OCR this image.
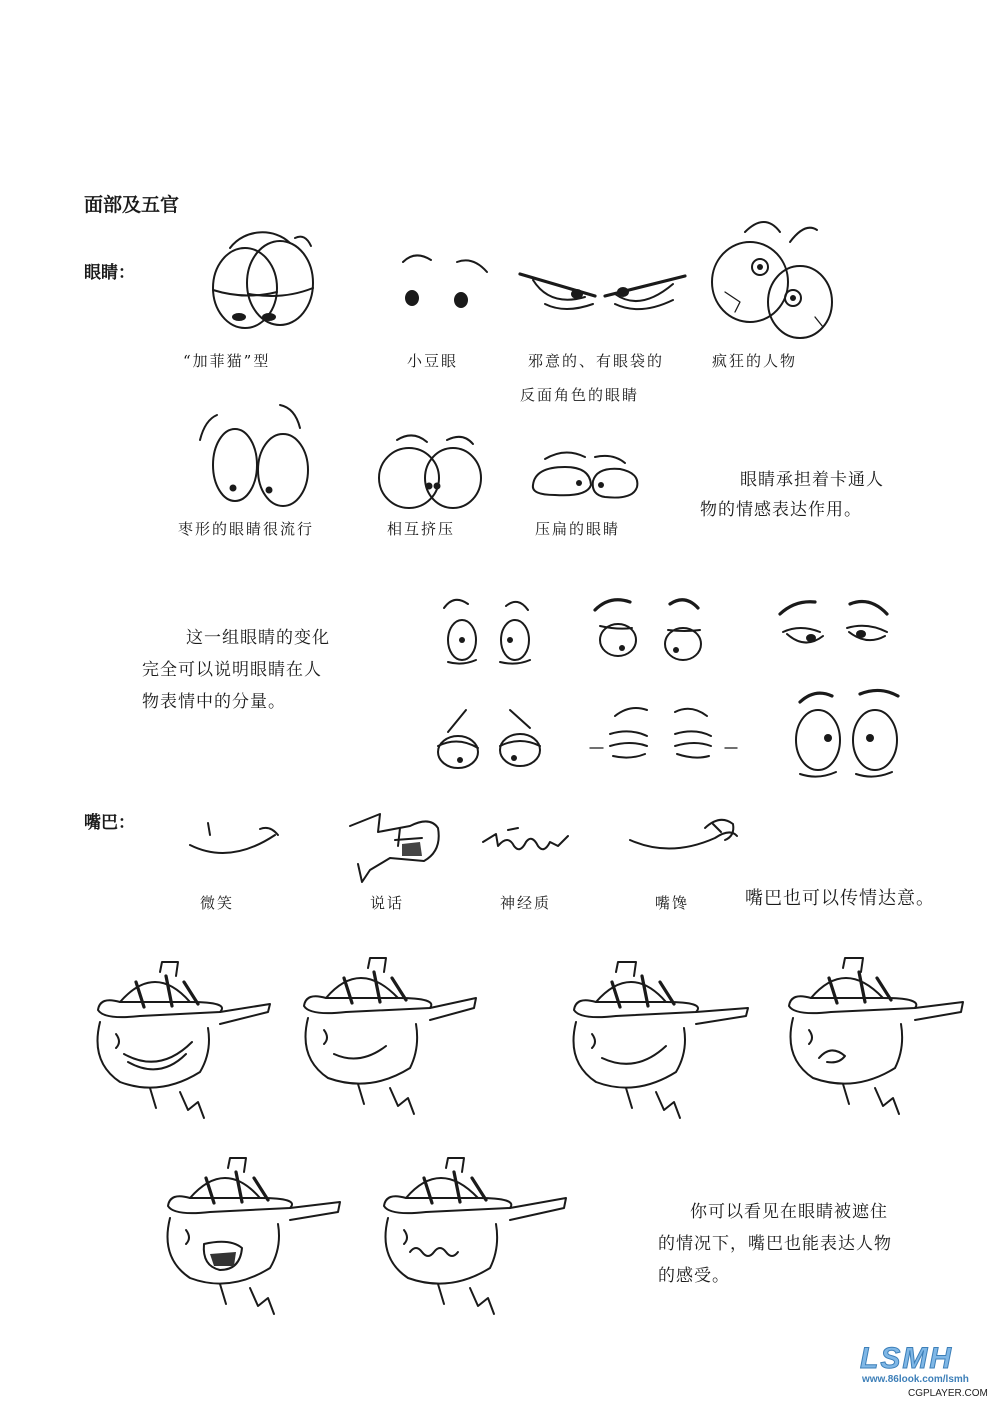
面部及五官
眼睛：
嘴巴：
“加菲猫”型	小豆眼	邪意的、有眼袋的
反面角色的眼睛
疯狂的人物
枣形的眼睛很流行	相互挤压	压扁的眼睛
眼睛承担着卡通人
物的情感表达作用。
这一组眼睛的变化
完全可以说明眼睛在人
物表情中的分量。
微笑	说话	神经质	嘴馋	嘴巴也可以传情达意。
你可以看见在眼睛被遮住
的情况下，嘴巴也能表达人物
的感受。
LSMH
www.86look.com/lsmh
CGPLAYER.COM
